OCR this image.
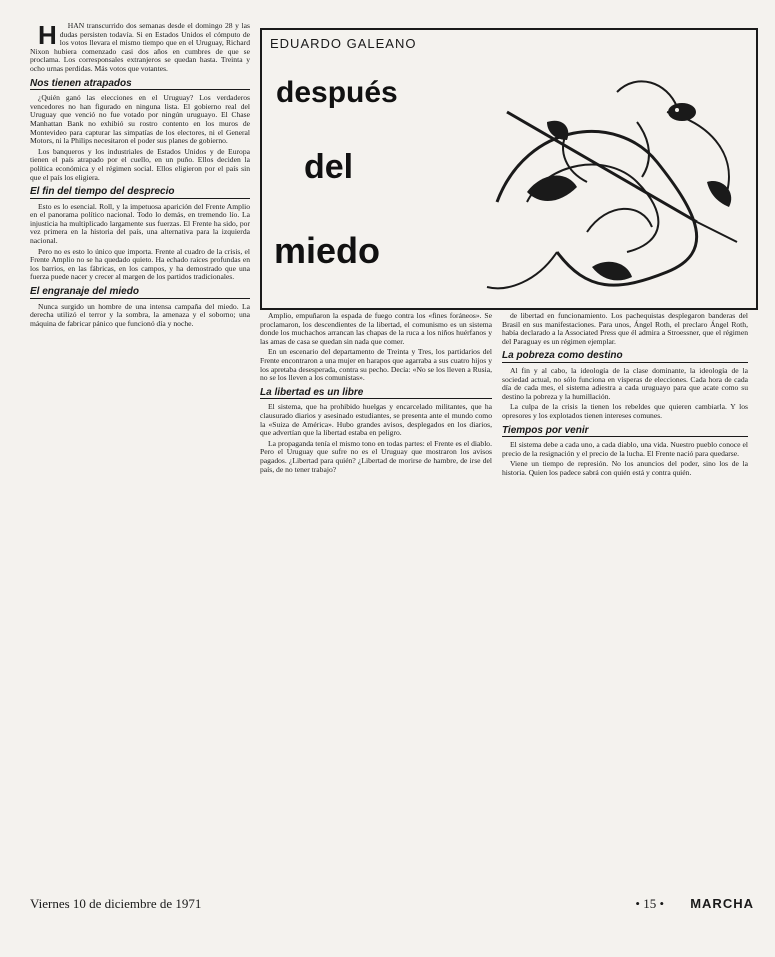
H HAN transcurrido dos semanas desde el domingo 28 y las dudas persisten todavía. Si en Estados Unidos el cómputo de los votos llevara el mismo tiempo que en el Uruguay, Richard Nixon hubiera comenzado casi dos años en cumbres de que se proclama. Los corresponsales extranjeros se quedan hasta. Treinta y ocho urnas perdidas. Más votos que votantes.

Nos tienen atrapados

¿Quién ganó las elecciones en el Uruguay? Los verdaderos vencedores no han figurado en ninguna lista. El gobierno real del Uruguay que venció no fue votado por ningún uruguayo. El Chase Manhattan Bank no exhibió su rostro contento en los muros de Montevideo para capturar las simpatías de los electores, ni el General Motors, ni la Philips necesitaron el poder sus planes de gobierno.

Los banqueros y los industriales de Estados Unidos y de Europa tienen el país atrapado por el cuello, en un puño. Ellos deciden la política económica y el régimen social. Ellos eligieron por el país sin que el país los eligiera.

El fin del tiempo del desprecio

Esto es lo esencial. Roll, y la impetuosa aparición del Frente Amplio en el panorama político nacional. Todo lo demás, en tremendo lío. La injusticia ha multiplicado largamente sus fuerzas. El Frente ha sido, por vez primera en la historia del país, una alternativa para la izquierda nacional.

Pero no es esto lo único que importa. Frente al cuadro de la crisis, el Frente Amplio no se ha quedado quieto. Ha echado raíces profundas en los barrios, en las fábricas, en los campos, y ha demostrado que una fuerza puede nacer y crecer al margen de los partidos tradicionales.

El engranaje del miedo

Nunca surgido un hombre de una intensa campaña del miedo. La derecha utilizó el terror y la sombra, la amenaza y el soborno; una máquina de fabricar pánico que funcionó día y noche.

EDUARDO GALEANO
después
del
miedo

Amplio, empuñaron la espada de fuego contra los «fines foráneos». Se proclamaron, los descendientes de la libertad, el comunismo es un sistema donde los muchachos arrancan las chapas de la ruca a los niños huérfanos y las amas de casa se quedan sin nada que comer.

En un escenario del departamento de Treinta y Tres, los partidarios del Frente encontraron a una mujer en harapos que agarraba a sus cuatro hijos y los apretaba desesperada, contra su pecho. Decía: «No se los lleven a Rusia, no se los lleven a los comunistas».

La libertad es un libre

El sistema, que ha prohibido huelgas y encarcelado militantes, que ha clausurado diarios y asesinado estudiantes, se presenta ante el mundo como la «Suiza de América». Hubo grandes avisos, desplegados en los diarios, que advertían que la libertad estaba en peligro.

La propaganda tenía el mismo tono en todas partes: el Frente es el diablo. Pero el Uruguay que sufre no es el Uruguay que mostraron los avisos pagados. ¿Libertad para quién? ¿Libertad de morirse de hambre, de irse del país, de no tener trabajo?

de libertad en funcionamiento. Los pachequistas desplegaron banderas del Brasil en sus manifestaciones. Para unos, Ángel Roth, el preclaro Ángel Roth, había declarado a la Associated Press que él admira a Stroessner, que el régimen del Paraguay es un régimen ejemplar.

La pobreza como destino

Al fin y al cabo, la ideología de la clase dominante, la ideología de la sociedad actual, no sólo funciona en vísperas de elecciones. Cada hora de cada día de cada mes, el sistema adiestra a cada uruguayo para que acate como su destino la pobreza y la humillación.

La culpa de la crisis la tienen los rebeldes que quieren cambiarla. Y los opresores y los explotados tienen intereses comunes.

Tiempos por venir

El sistema debe a cada uno, a cada diablo, una vida. Nuestro pueblo conoce el precio de la resignación y el precio de la lucha. El Frente nació para quedarse.

Viene un tiempo de represión. No los anuncios del poder, sino los de la historia. Quien los padece sabrá con quién está y contra quién.

Viernes 10 de diciembre de 1971	• 15 • MARCHA
